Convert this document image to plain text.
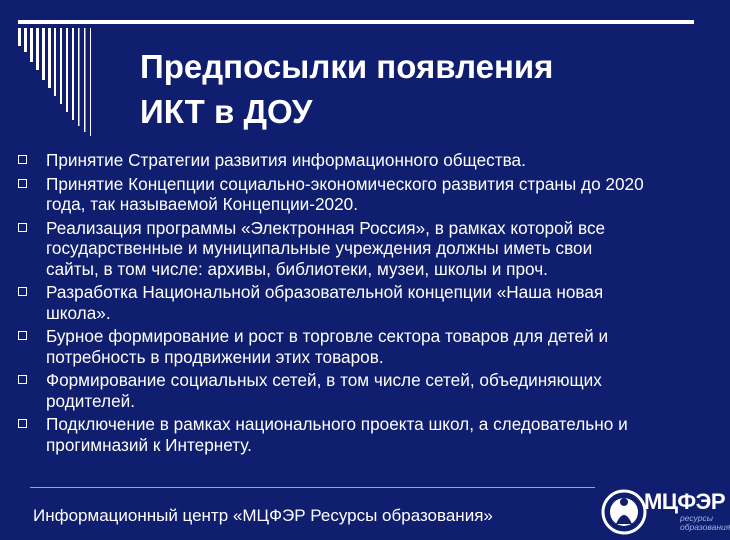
Предпосылки появления
ИКТ в ДОУ
Принятие Стратегии развития информационного общества.
Принятие Концепции социально-экономического развития страны до 2020
года, так называемой Концепции-2020.
Реализация программы «Электронная Россия», в рамках которой все
государственные и муниципальные учреждения должны иметь свои
сайты, в том числе: архивы, библиотеки, музеи, школы и проч.
Разработка Национальной образовательной концепции «Наша новая
школа».
Бурное формирование и рост в торговле сектора товаров для детей и
потребность в продвижении этих товаров.
Формирование социальных сетей, в том числе сетей, объединяющих
родителей.
Подключение в рамках национального проекта школ, а следовательно и
прогимназий к Интернету.
Информационный центр «МЦФЭР Ресурсы образования»
МЦФЭР
ресурсы
образования
